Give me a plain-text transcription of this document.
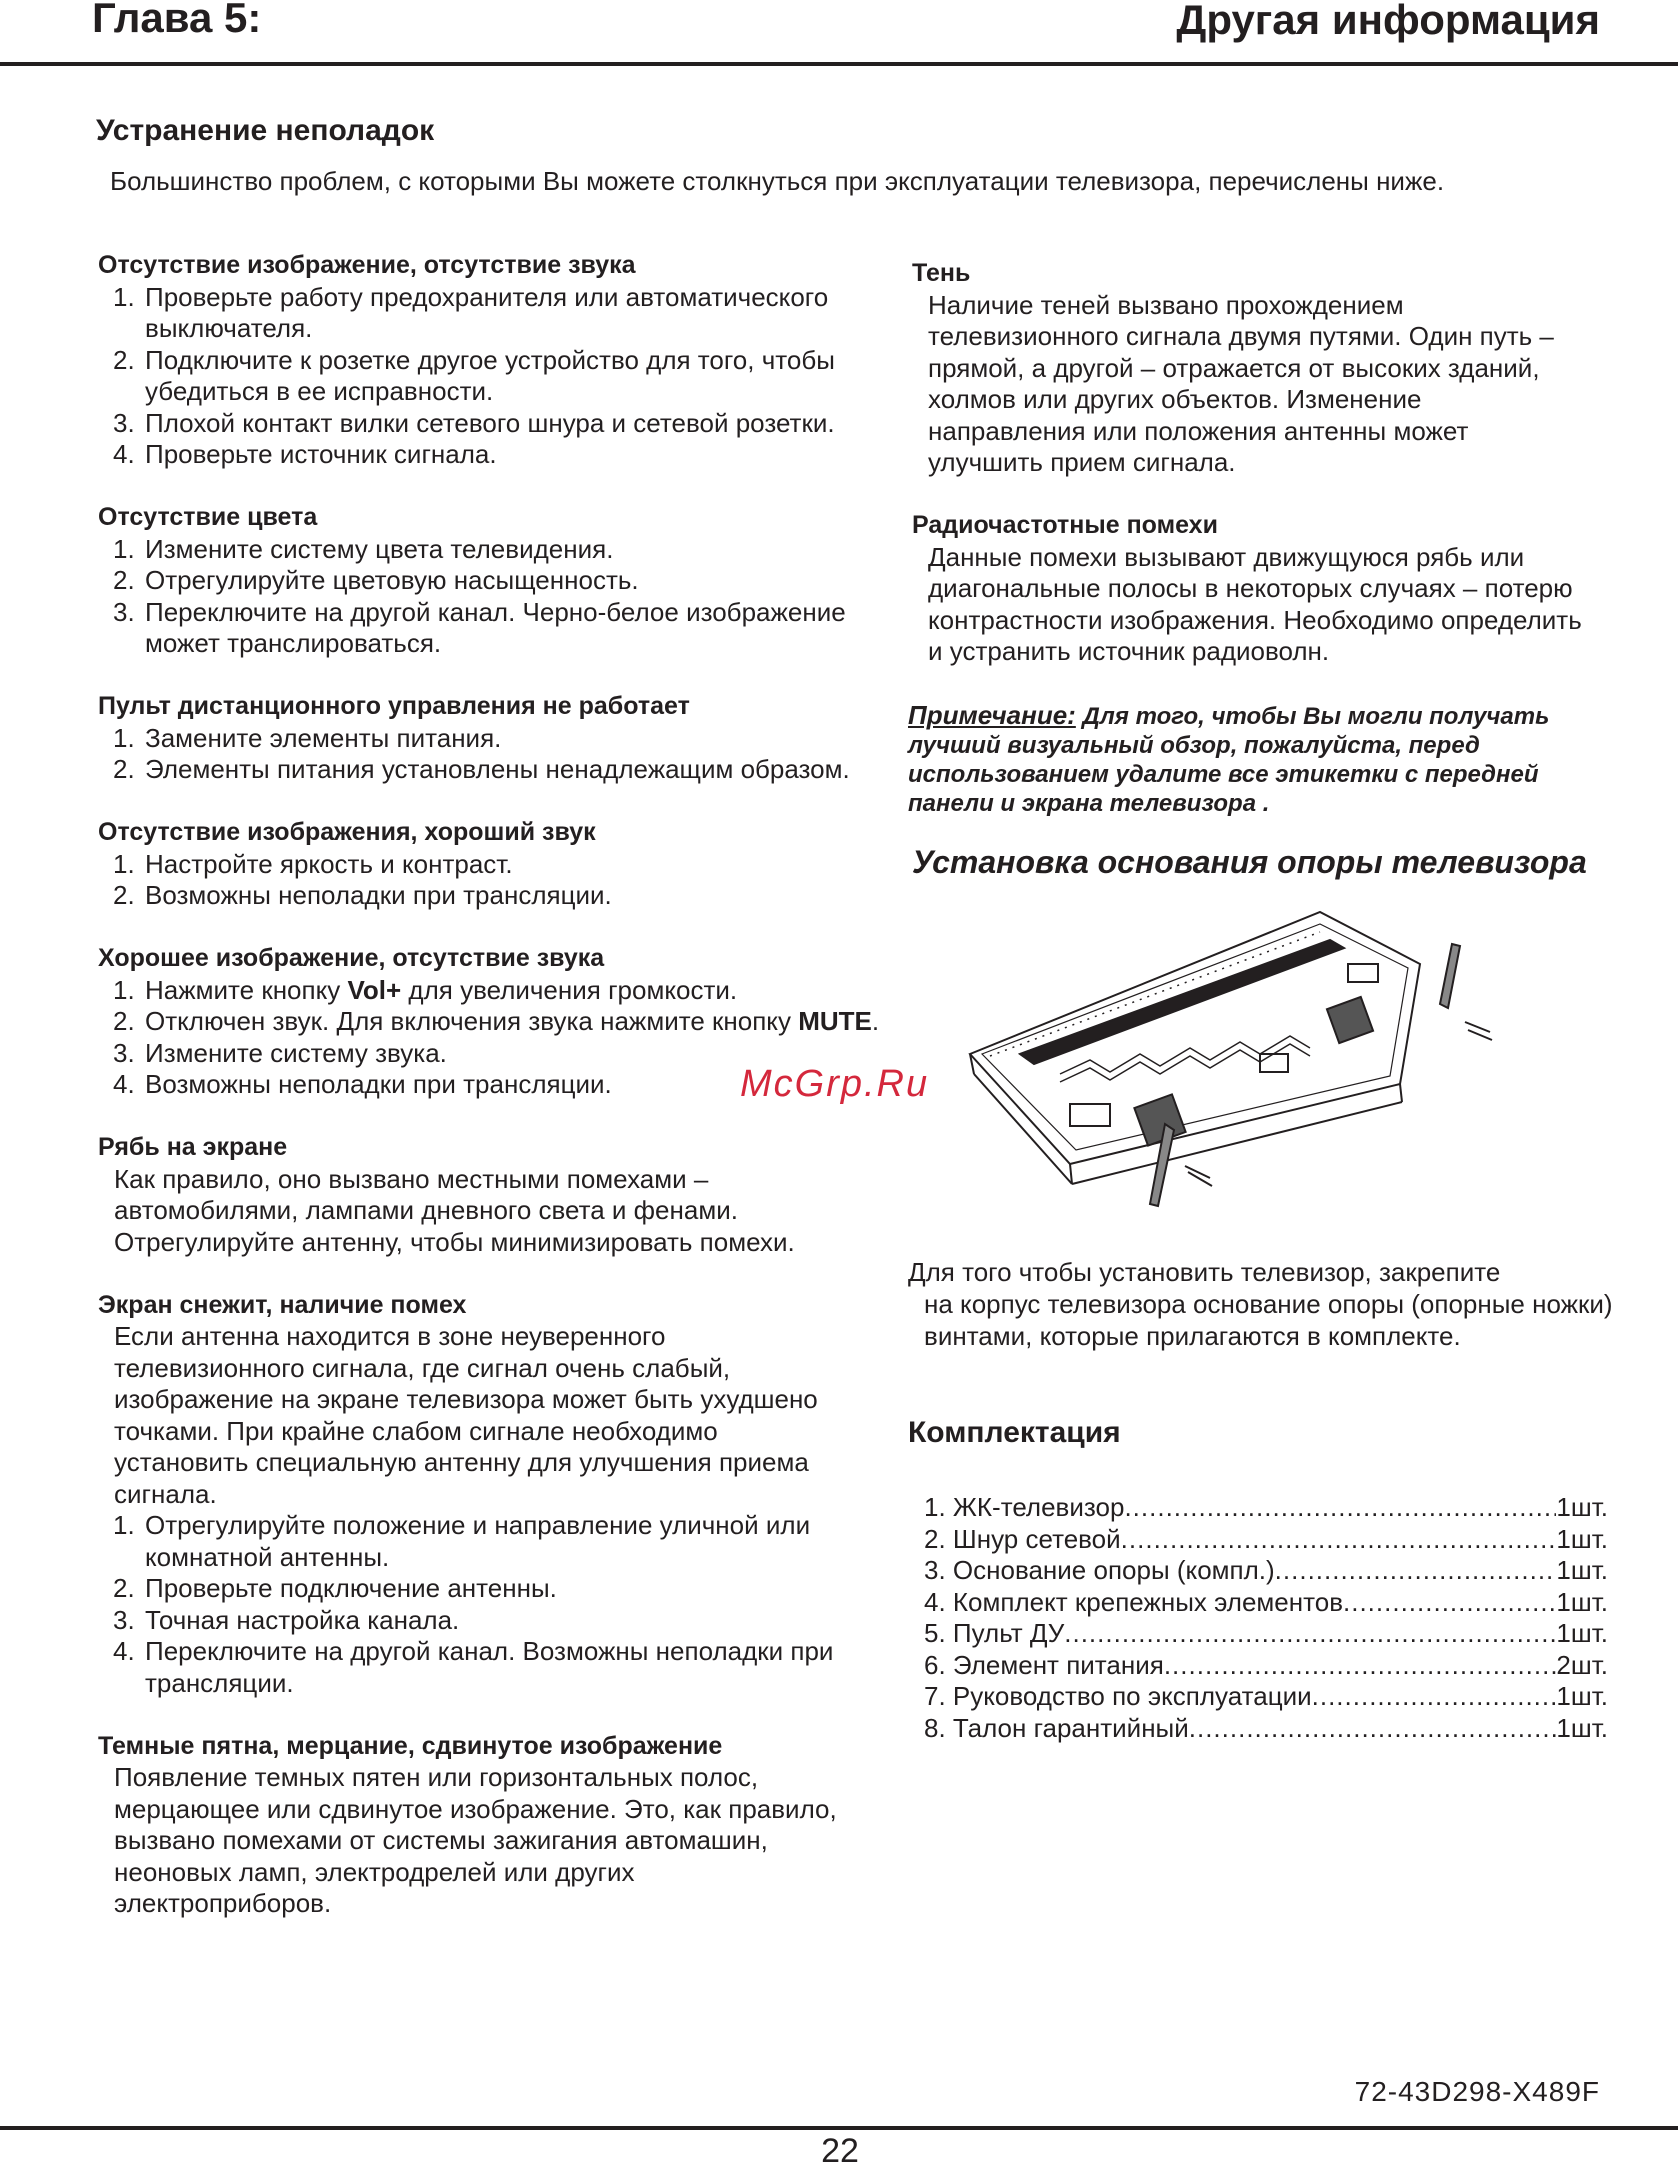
Глава 5:	Другая информация
Устранение неполадок
Большинство проблем, с которыми Вы можете столкнуться при эксплуатации телевизора, перечислены ниже.
Отсутствие изображение, отсутствие звука
1. Проверьте работу предохранителя или автоматического выключателя.
2. Подключите к розетке другое устройство для того, чтобы убедиться в ее исправности.
3. Плохой контакт вилки сетевого шнура и сетевой розетки.
4. Проверьте источник сигнала.
Отсутствие цвета
1. Измените систему цвета телевидения.
2. Отрегулируйте цветовую насыщенность.
3. Переключите на другой канал. Черно-белое изображение может транслироваться.
Пульт дистанционного управления не работает
1. Замените элементы питания.
2. Элементы питания установлены ненадлежащим образом.
Отсутствие изображения, хороший звук
1. Настройте яркость и контраст.
2. Возможны неполадки при трансляции.
Хорошее изображение, отсутствие звука
1. Нажмите кнопку Vol+ для увеличения громкости.
2. Отключен звук. Для включения звука нажмите кнопку MUTE.
3. Измените систему звука.
4. Возможны неполадки при трансляции.
Рябь на экране
Как правило, оно вызвано местными помехами – автомобилями, лампами дневного света и фенами. Отрегулируйте антенну, чтобы минимизировать помехи.
Экран снежит, наличие помех
Если антенна находится в зоне неуверенного телевизионного сигнала, где сигнал очень слабый, изображение на экране телевизора может быть ухудшено точками. При крайне слабом сигнале необходимо установить специальную антенну для улучшения приема сигнала.
1. Отрегулируйте положение и направление уличной или комнатной антенны.
2. Проверьте подключение антенны.
3. Точная настройка канала.
4. Переключите на другой канал. Возможны неполадки при трансляции.
Темные пятна, мерцание, сдвинутое изображение
Появление темных пятен или горизонтальных полос, мерцающее или сдвинутое изображение. Это, как правило, вызвано помехами от системы зажигания автомашин, неоновых ламп, электродрелей или других электроприборов.
Тень
Наличие теней вызвано прохождением телевизионного сигнала двумя путями. Один путь – прямой, а другой – отражается от высоких зданий, холмов или других объектов. Изменение направления или положения антенны может улучшить прием сигнала.
Радиочастотные помехи
Данные помехи вызывают движущуюся рябь или диагональные полосы в некоторых случаях – потерю контрастности изображения. Необходимо определить и устранить источник радиоволн.
Примечание: Для того, чтобы Вы могли получать лучший визуальный обзор, пожалуйста, перед использованием удалите все этикетки с передней панели и экрана телевизора .
Установка основания опоры телевизора
Для того чтобы установить телевизор, закрепите
на корпус телевизора основание опоры (опорные ножки) винтами, которые прилагаются в комплекте.
Комплектация
1. ЖК-телевизор .....	1шт.
2. Шнур сетевой .....	1шт.
3. Основание опоры (компл.) .....	1шт.
4. Комплект крепежных элементов .....	1шт.
5. Пульт ДУ .....	1шт.
6. Элемент питания .....	2шт.
7. Руководство по эксплуатации .....	1шт.
8. Талон гарантийный .....	1шт.
McGrp.Ru
72-43D298-X489F
22
